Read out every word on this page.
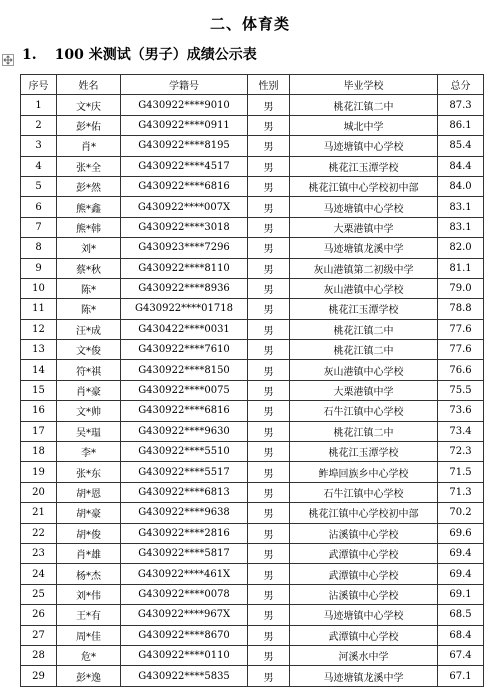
二、体育类
1. 100 米测试（男子）成绩公示表
序号	姓名	学籍号	性别	毕业学校	总分
1	文*庆	G430922****9010	男	桃花江镇二中	87.3
2	彭*佑	G430922****0911	男	城北中学	86.1
3	肖*	G430922****8195	男	马迹塘镇中心学校	85.4
4	张*全	G430922****4517	男	桃花江玉潭学校	84.4
5	彭*然	G430922****6816	男	桃花江镇中心学校初中部	84.0
6	熊*鑫	G430922****007X	男	马迹塘镇中心学校	83.1
7	熊*韩	G430922****3018	男	大栗港镇中学	83.1
8	刘*	G430923****7296	男	马迹塘镇龙溪中学	82.0
9	蔡*秋	G430922****8110	男	灰山港镇第二初级中学	81.1
10	陈*	G430922****8936	男	灰山港镇中心学校	79.0
11	陈*	G430922****01718	男	桃花江玉潭学校	78.8
12	汪*成	G430422****0031	男	桃花江镇二中	77.6
13	文*俊	G430922****7610	男	桃花江镇二中	77.6
14	符*祺	G430922****8150	男	灰山港镇中心学校	76.6
15	肖*豪	G430922****0075	男	大栗港镇中学	75.5
16	文*帅	G430922****6816	男	石牛江镇中心学校	73.6
17	吴*瑥	G430922****9630	男	桃花江镇二中	73.4
18	李*	G430922****5510	男	桃花江玉潭学校	72.3
19	张*东	G430922****5517	男	鲊埠回族乡中心学校	71.5
20	胡*恩	G430922****6813	男	石牛江镇中心学校	71.3
21	胡*豪	G430922****9638	男	桃花江镇中心学校初中部	70.2
22	胡*俊	G430922****2816	男	沾溪镇中心学校	69.6
23	肖*雄	G430922****5817	男	武潭镇中心学校	69.4
24	杨*杰	G430922****461X	男	武潭镇中心学校	69.4
25	刘*伟	G430922****0078	男	沾溪镇中心学校	69.1
26	王*有	G430922****967X	男	马迹塘镇中心学校	68.5
27	周*佳	G430922****8670	男	武潭镇中心学校	68.4
28	危*	G430922****0110	男	河溪水中学	67.4
29	彭*逸	G430922****5835	男	马迹塘镇龙溪中学	67.1
